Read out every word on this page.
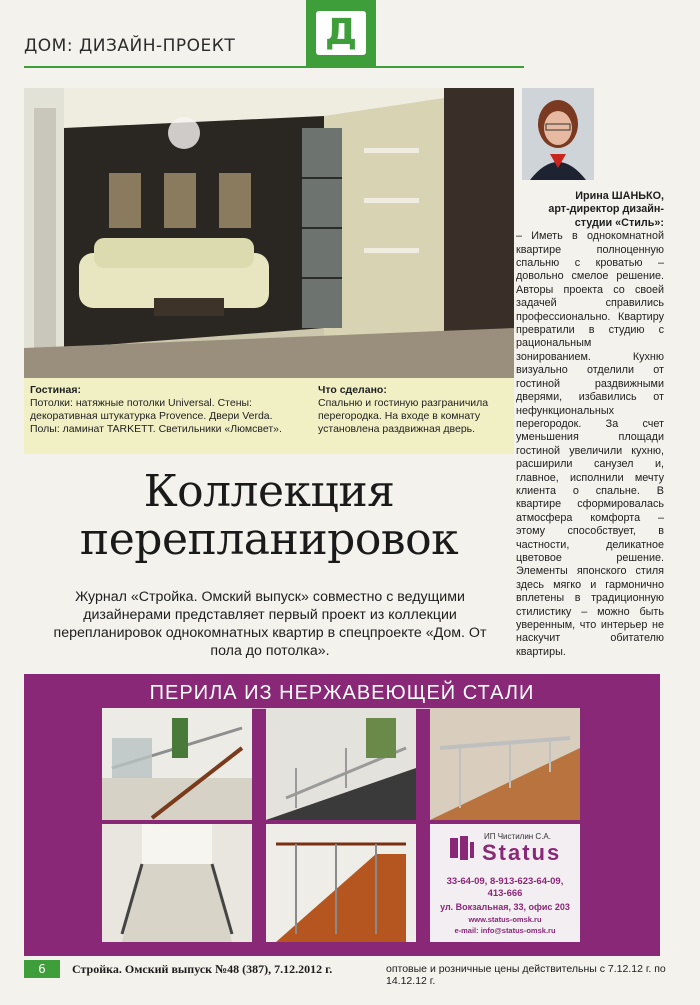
ДОМ: ДИЗАЙН-ПРОЕКТ Д
Гостиная:
Потолки: натяжные потолки Universal. Стены: декоративная штукатурка Provence. Двери Verda. Полы: ламинат TARKETT. Светильники «Люмсвет».
Что сделано:
Спальню и гостиную разграничила перегородка. На входе в комнату установлена раздвижная дверь.
Ирина ШАНЬКО,
арт-директор дизайн-студии «Стиль»:
– Иметь в однокомнатной квартире полноценную спальню с кроватью – довольно смелое решение. Авторы проекта со своей задачей справились профессионально. Квартиру превратили в студию с рациональным зонированием. Кухню визуально отделили от гостиной раздвижными дверями, избавились от нефункциональных перегородок. За счет уменьшения площади гостиной увеличили кухню, расширили санузел и, главное, исполнили мечту клиента о спальне. В квартире сформировалась атмосфера комфорта – этому способствует, в частности, деликатное цветовое решение. Элементы японского стиля здесь мягко и гармонично вплетены в традиционную стилистику – можно быть уверенным, что интерьер не наскучит обитателю квартиры.
Коллекция
перепланировок
Журнал «Стройка. Омский выпуск» совместно с ведущими дизайнерами представляет первый проект из коллекции перепланировок однокомнатных квартир в спецпроекте «Дом. От пола до потолка».
ПЕРИЛА ИЗ НЕРЖАВЕЮЩЕЙ СТАЛИ
ИП Чистилин С.А.
Status
33-64-09, 8-913-623-64-09,
413-666
ул. Вокзальная, 33, офис 203
www.status-omsk.ru
e-mail: info@status-omsk.ru
6	Стройка. Омский выпуск №48 (387), 7.12.2012 г.	оптовые и розничные цены действительны с 7.12.12 г. по 14.12.12 г.
